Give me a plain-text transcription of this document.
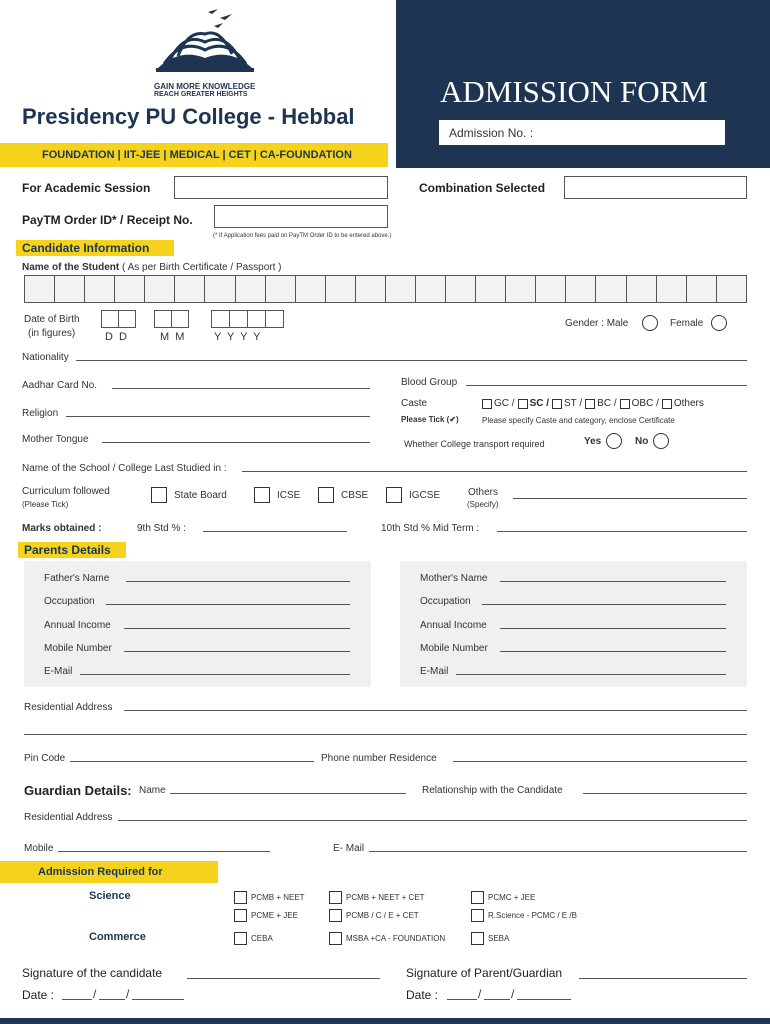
GAIN MORE KNOWLEDGE
REACH GREATER HEIGHTS
Presidency PU College - Hebbal
FOUNDATION | IIT-JEE | MEDICAL | CET | CA-FOUNDATION
ADMISSION FORM
Admission No. :
For Academic Session	Combination Selected
PayTM Order ID* / Receipt No.
(* If Application fees paid on PayTM Order ID to be entered above.)
Candidate Information
Name of the Student ( As per Birth Certificate / Passport )
Date of Birth
(in figures)	D  D	M  M	Y  Y  Y  Y
Gender : Male	Female
Nationality
Aadhar Card No.	Blood Group
Religion
Caste	GC / SC / ST / BC / OBC / Others
Please Tick (✔)	Please specify Caste and category, enclose Certificate
Mother Tongue	Whether College transport required	Yes	No
Name of the School / College Last Studied in :
Curriculum followed
(Please Tick)
State Board	ICSE	CBSE	IGCSE	Others
(Specify)
Marks obtained :	9th Std % :	10th Std % Mid Term :
Parents Details
Father's Name
Occupation
Annual Income
Mobile Number
E-Mail
Mother's Name
Occupation
Annual Income
Mobile Number
E-Mail
Residential Address
Pin Code	Phone number Residence
Guardian Details: Name	Relationship with the Candidate
Residential Address
Mobile	E- Mail
Admission Required for
Science
Commerce
PCMB + NEET	PCMB + NEET + CET	PCMC + JEE
PCME + JEE	PCMB / C / E + CET	R.Science - PCMC / E /B
CEBA	MSBA +CA - FOUNDATION	SEBA
Signature of the candidate
Date :	/ /
Signature of Parent/Guardian
Date :	/ /
